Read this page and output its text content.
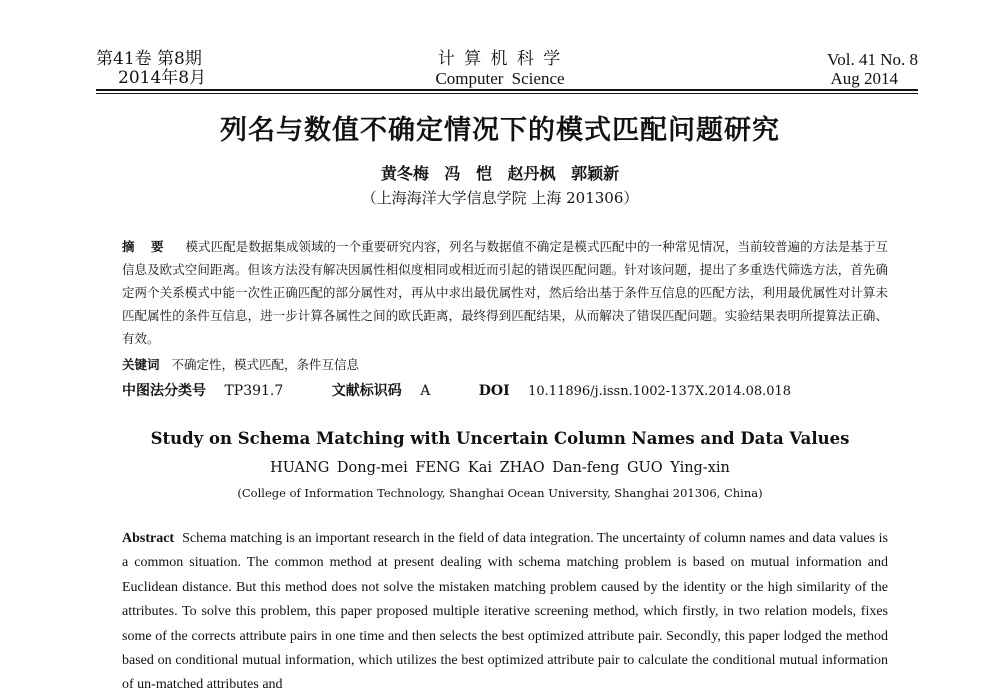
第41卷 第8期
2014年8月
计 算 机 科 学
Computer Science
Vol. 41 No. 8
Aug 2014
列名与数值不确定情况下的模式匹配问题研究
黄冬梅 冯 恺 赵丹枫 郭颖新
（上海海洋大学信息学院 上海 201306）
摘 要 模式匹配是数据集成领域的一个重要研究内容，列名与数据值不确定是模式匹配中的一种常见情况，当前较普遍的方法是基于互信息及欧式空间距离。但该方法没有解决因属性相似度相同或相近而引起的错误匹配问题。针对该问题，提出了多重迭代筛选方法，首先确定两个关系模式中能一次性正确匹配的部分属性对，再从中求出最优属性对，然后给出基于条件互信息的匹配方法，利用最优属性对计算未匹配属性的条件互信息，进一步计算各属性之间的欧氏距离，最终得到匹配结果，从而解决了错误匹配问题。实验结果表明所提算法正确、有效。
关键词 不确定性，模式匹配，条件互信息
中图法分类号 TP391.7	文献标识码 A	DOI 10.11896/j.issn.1002-137X.2014.08.018
Study on Schema Matching with Uncertain Column Names and Data Values
HUANG Dong-mei FENG Kai ZHAO Dan-feng GUO Ying-xin
(College of Information Technology, Shanghai Ocean University, Shanghai 201306, China)
Abstract Schema matching is an important research in the field of data integration. The uncertainty of column names and data values is a common situation. The common method at present dealing with schema matching problem is based on mutual information and Euclidean distance. But this method does not solve the mistaken matching problem caused by the identity or the high similarity of the attributes. To solve this problem, this paper proposed multiple iterative screening method, which firstly, in two relation models, fixes some of the corrects attribute pairs in one time and then selects the best optimized attribute pair. Secondly, this paper lodged the method based on conditional mutual information, which utilizes the best optimized attribute pair to calculate the conditional mutual information of un-matched attributes and
